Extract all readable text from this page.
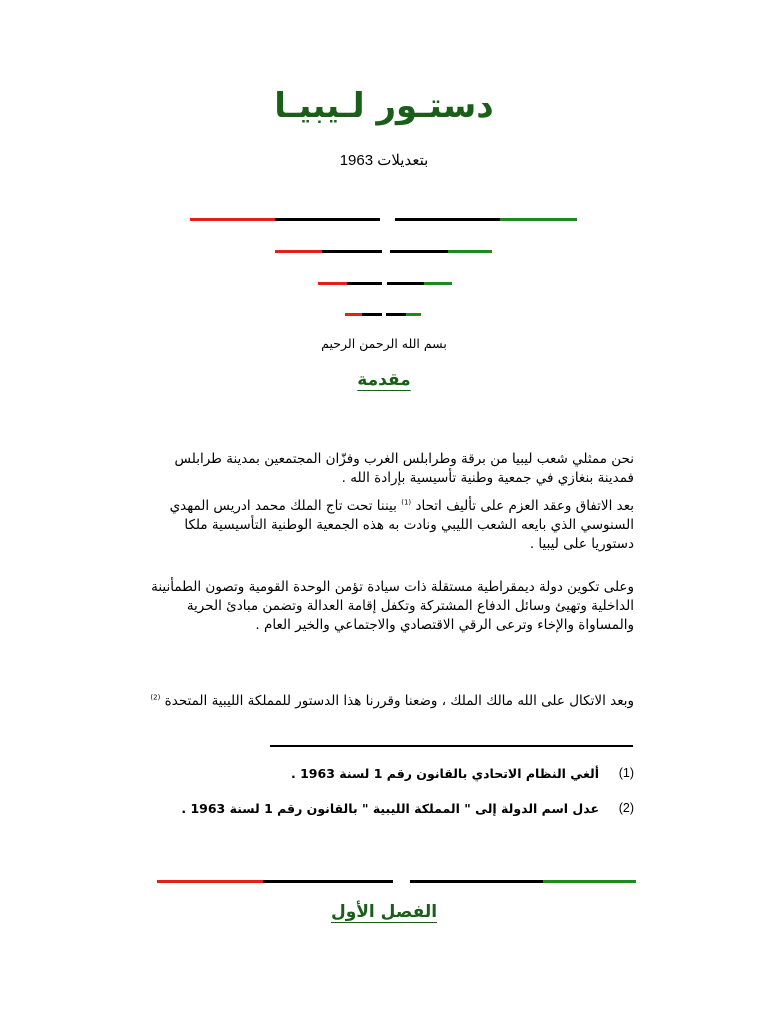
دستـور لـيبيـا
بتعديلات 1963
بسم الله الرحمن الرحيم
مقدمة
نحن ممثلي شعب ليبيا من برقة وطرابلس الغرب وفزّان المجتمعين بمدينة طرابلس فمدينة بنغازي في جمعية وطنية تأسيسية بإرادة الله .
بعد الاتفاق وعقد العزم على تأليف اتحاد $^{(1)}$ بيننا تحت تاج الملك محمد ادريس المهدي السنوسي الذي بايعه الشعب الليبي ونادت به هذه الجمعية الوطنية التأسيسية ملكا دستوريا على ليبيا .
وعلى تكوين دولة ديمقراطية مستقلة ذات سيادة تؤمن الوحدة القومية وتصون الطمأنينة الداخلية وتهيئ وسائل الدفاع المشتركة وتكفل إقامة العدالة وتضمن مبادئ الحرية والمساواة والإخاء وترعى الرقي الاقتصادي والاجتماعي والخير العام .
وبعد الاتكال على الله مالك الملك ، وضعنا وقررنا هذا الدستور للمملكة الليبية المتحدة $^{(2)}$
(1)
ألغي النظام الاتحادي بالقانون رقم 1 لسنة 1963 .
(2)
عدل اسم الدولة إلى " المملكة الليبية " بالقانون رقم 1 لسنة 1963 .
الفصل الأول
